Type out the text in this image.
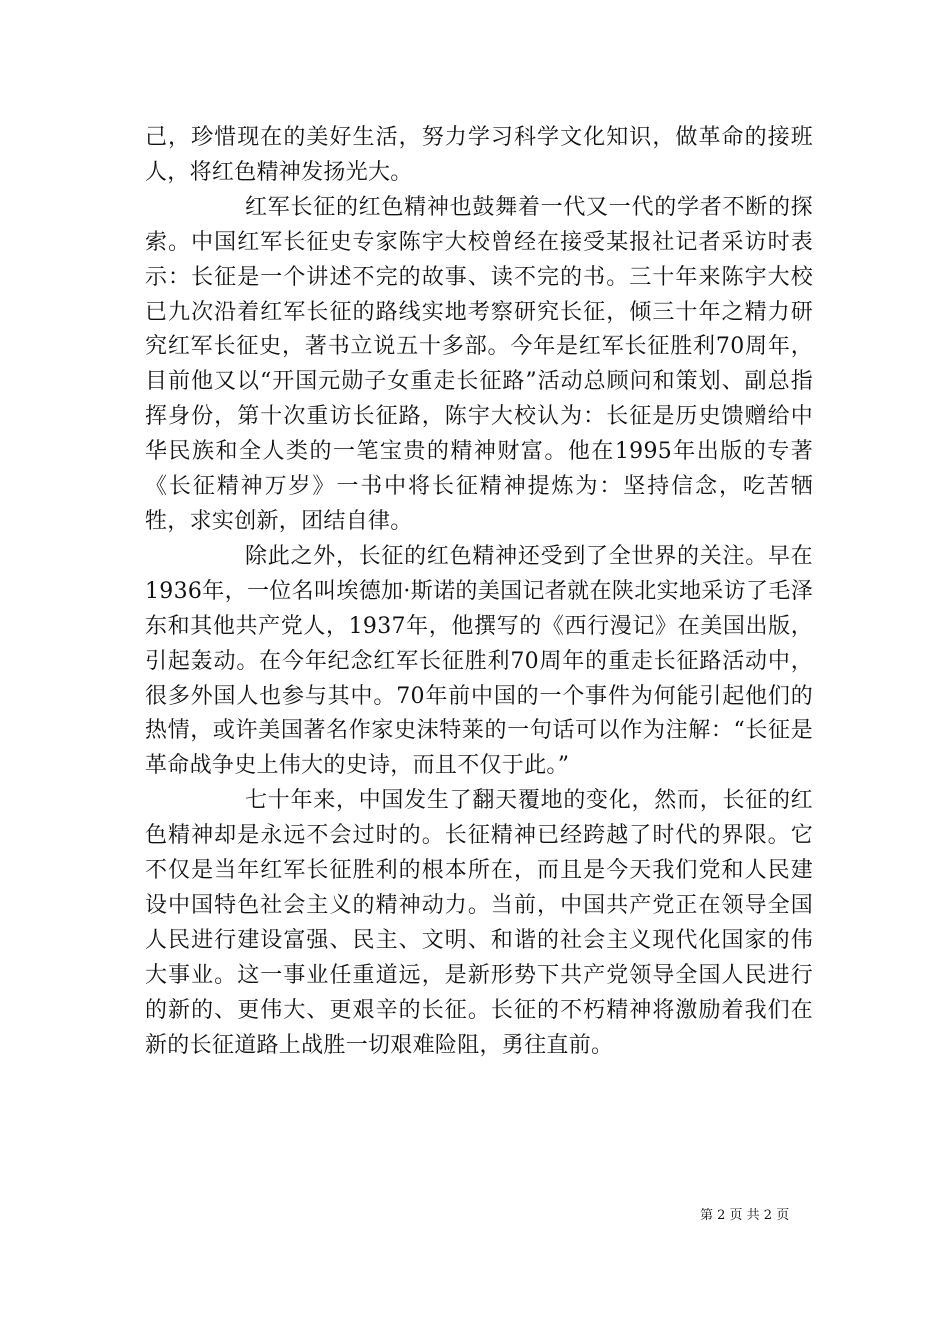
己，珍惜现在的美好生活，努力学习科学文化知识，做革命的接班人，将红色精神发扬光大。

红军长征的红色精神也鼓舞着一代又一代的学者不断的探索。中国红军长征史专家陈宇大校曾经在接受某报社记者采访时表示：长征是一个讲述不完的故事、读不完的书。三十年来陈宇大校已九次沿着红军长征的路线实地考察研究长征，倾三十年之精力研究红军长征史，著书立说五十多部。今年是红军长征胜利70周年，目前他又以“开国元勋子女重走长征路”活动总顾问和策划、副总指挥身份，第十次重访长征路，陈宇大校认为：长征是历史馈赠给中华民族和全人类的一笔宝贵的精神财富。他在1995年出版的专著《长征精神万岁》一书中将长征精神提炼为：坚持信念，吃苦牺牲，求实创新，团结自律。

除此之外，长征的红色精神还受到了全世界的关注。早在1936年，一位名叫埃德加·斯诺的美国记者就在陕北实地采访了毛泽东和其他共产党人，1937年，他撰写的《西行漫记》在美国出版，引起轰动。在今年纪念红军长征胜利70周年的重走长征路活动中，很多外国人也参与其中。70年前中国的一个事件为何能引起他们的热情，或许美国著名作家史沫特莱的一句话可以作为注解：“长征是革命战争史上伟大的史诗，而且不仅于此。”

七十年来，中国发生了翻天覆地的变化，然而，长征的红色精神却是永远不会过时的。长征精神已经跨越了时代的界限。它不仅是当年红军长征胜利的根本所在，而且是今天我们党和人民建设中国特色社会主义的精神动力。当前，中国共产党正在领导全国人民进行建设富强、民主、文明、和谐的社会主义现代化国家的伟大事业。这一事业任重道远，是新形势下共产党领导全国人民进行的新的、更伟大、更艰辛的长征。长征的不朽精神将激励着我们在新的长征道路上战胜一切艰难险阻，勇往直前。

第 2 页 共 2 页
